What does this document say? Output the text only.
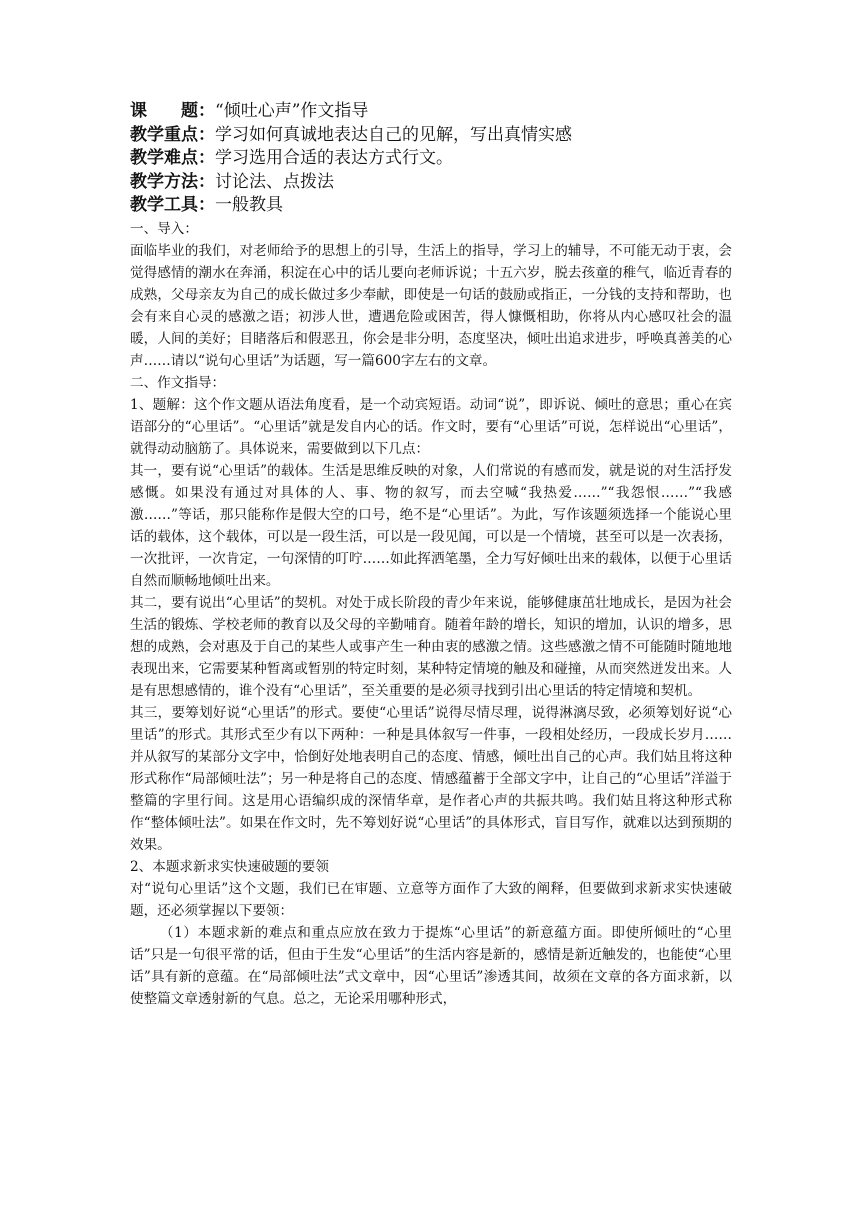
课 题：“倾吐心声”作文指导
教学重点：学习如何真诚地表达自己的见解，写出真情实感
教学难点：学习选用合适的表达方式行文。
教学方法：讨论法、点拨法
教学工具：一般教具

一、导入：

面临毕业的我们，对老师给予的思想上的引导，生活上的指导，学习上的辅导，不可能无动于衷，会觉得感情的潮水在奔涌，积淀在心中的话儿要向老师诉说；十五六岁，脱去孩童的稚气，临近青春的成熟，父母亲友为自己的成长做过多少奉献，即使是一句话的鼓励或指正，一分钱的支持和帮助，也会有来自心灵的感激之语；初涉人世，遭遇危险或困苦，得人慷慨相助，你将从内心感叹社会的温暖，人间的美好；目睹落后和假恶丑，你会是非分明，态度坚决，倾吐出追求进步，呼唤真善美的心声……请以“说句心里话”为话题，写一篇600字左右的文章。

二、作文指导：

1、题解：这个作文题从语法角度看，是一个动宾短语。动词“说”，即诉说、倾吐的意思；重心在宾语部分的“心里话”。“心里话”就是发自内心的话。作文时，要有“心里话”可说，怎样说出“心里话”，就得动动脑筋了。具体说来，需要做到以下几点：

其一，要有说“心里话”的载体。生活是思维反映的对象，人们常说的有感而发，就是说的对生活抒发感慨。如果没有通过对具体的人、事、物的叙写，而去空喊“我热爱……”“我怨恨……”“我感激……”等话，那只能称作是假大空的口号，绝不是“心里话”。为此，写作该题须选择一个能说心里话的载体，这个载体，可以是一段生活，可以是一段见闻，可以是一个情境，甚至可以是一次表扬，一次批评，一次肯定，一句深情的叮咛……如此挥洒笔墨，全力写好倾吐出来的载体，以便于心里话自然而顺畅地倾吐出来。

其二，要有说出“心里话”的契机。对处于成长阶段的青少年来说，能够健康茁壮地成长，是因为社会生活的锻炼、学校老师的教育以及父母的辛勤哺育。随着年龄的增长，知识的增加，认识的增多，思想的成熟，会对惠及于自己的某些人或事产生一种由衷的感激之情。这些感激之情不可能随时随地地表现出来，它需要某种暂离或暂别的特定时刻，某种特定情境的触及和碰撞，从而突然迸发出来。人是有思想感情的，谁个没有“心里话”，至关重要的是必须寻找到引出心里话的特定情境和契机。

其三，要筹划好说“心里话”的形式。要使“心里话”说得尽情尽理，说得淋漓尽致，必须筹划好说“心里话”的形式。其形式至少有以下两种：一种是具体叙写一件事，一段相处经历，一段成长岁月……并从叙写的某部分文字中，恰倒好处地表明自己的态度、情感，倾吐出自己的心声。我们姑且将这种形式称作“局部倾吐法”；另一种是将自己的态度、情感蕴蓄于全部文字中，让自己的“心里话”洋溢于整篇的字里行间。这是用心语编织成的深情华章，是作者心声的共振共鸣。我们姑且将这种形式称作“整体倾吐法”。如果在作文时，先不筹划好说“心里话”的具体形式，盲目写作，就难以达到预期的效果。

2、本题求新求实快速破题的要领

对“说句心里话”这个文题，我们已在审题、立意等方面作了大致的阐释，但要做到求新求实快速破题，还必须掌握以下要领：

（1）本题求新的难点和重点应放在致力于提炼“心里话”的新意蕴方面。即使所倾吐的“心里话”只是一句很平常的话，但由于生发“心里话”的生活内容是新的，感情是新近触发的，也能使“心里话”具有新的意蕴。在“局部倾吐法”式文章中，因“心里话”渗透其间，故须在文章的各方面求新，以使整篇文章透射新的气息。总之，无论采用哪种形式，
